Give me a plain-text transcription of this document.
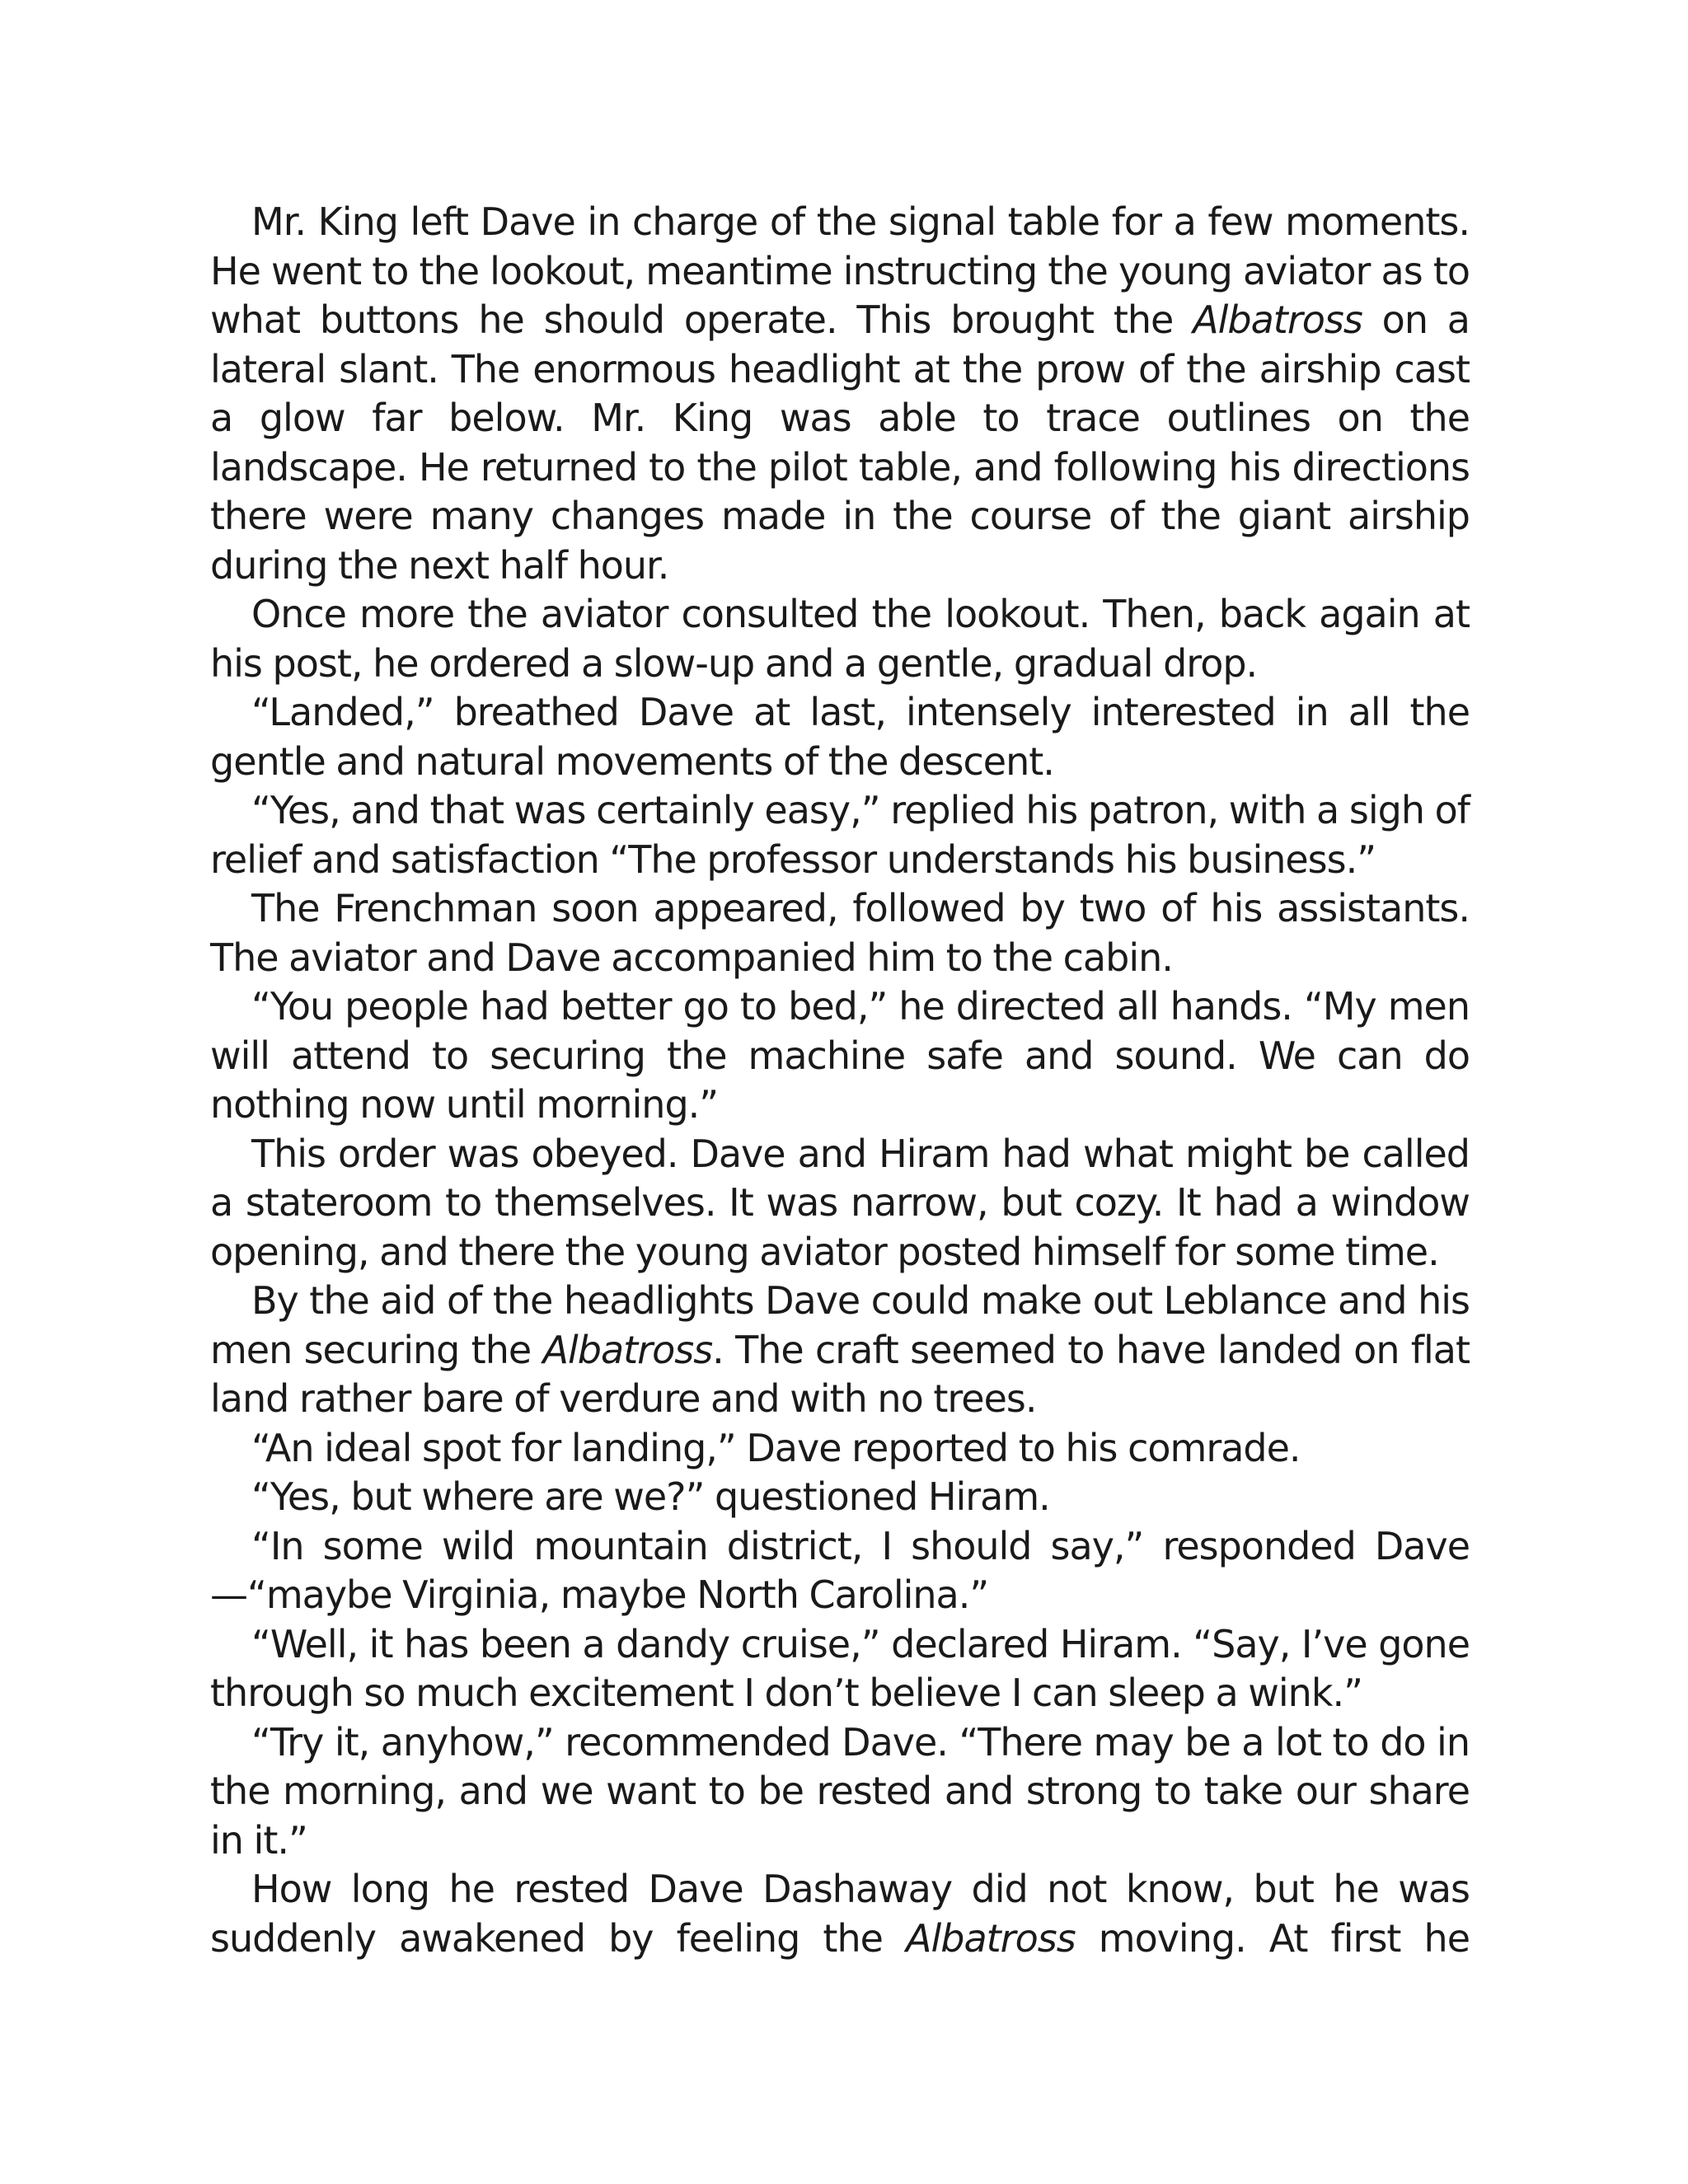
Mr. King left Dave in charge of the signal table for a few moments. He went to the lookout, meantime instructing the young aviator as to what buttons he should operate. This brought the Albatross on a lateral slant. The enormous headlight at the prow of the airship cast a glow far below. Mr. King was able to trace outlines on the landscape. He returned to the pilot table, and following his directions there were many changes made in the course of the giant airship during the next half hour.

Once more the aviator consulted the lookout. Then, back again at his post, he ordered a slow-up and a gentle, gradual drop.

“Landed,” breathed Dave at last, intensely interested in all the gentle and natural movements of the descent.

“Yes, and that was certainly easy,” replied his patron, with a sigh of relief and satisfaction “The professor understands his business.”

The Frenchman soon appeared, followed by two of his assistants. The aviator and Dave accompanied him to the cabin.

“You people had better go to bed,” he directed all hands. “My men will attend to securing the machine safe and sound. We can do nothing now until morning.”

This order was obeyed. Dave and Hiram had what might be called a stateroom to themselves. It was narrow, but cozy. It had a window opening, and there the young aviator posted himself for some time.

By the aid of the headlights Dave could make out Leblance and his men securing the Albatross. The craft seemed to have landed on flat land rather bare of verdure and with no trees.

“An ideal spot for landing,” Dave reported to his comrade.

“Yes, but where are we?” questioned Hiram.

“In some wild mountain district, I should say,” responded Dave —“maybe Virginia, maybe North Carolina.”

“Well, it has been a dandy cruise,” declared Hiram. “Say, I’ve gone through so much excitement I don’t believe I can sleep a wink.”

“Try it, anyhow,” recommended Dave. “There may be a lot to do in the morning, and we want to be rested and strong to take our share in it.”

How long he rested Dave Dashaway did not know, but he was suddenly awakened by feeling the Albatross moving. At first he
